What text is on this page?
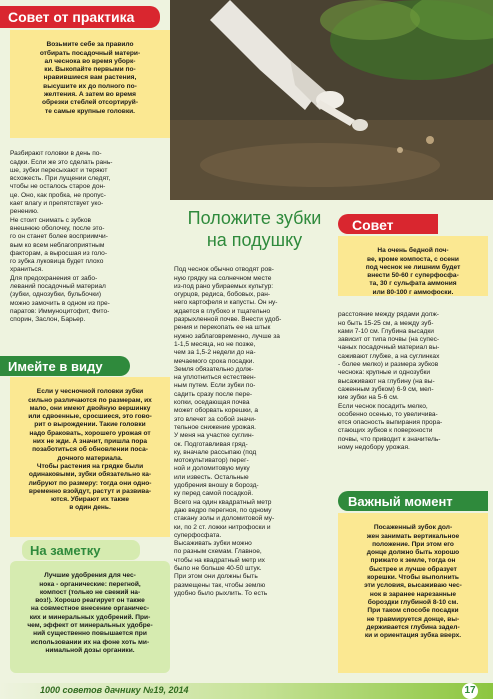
Совет от практика

Возьмите себе за правило
отбирать посадочный матери-
ал чеснока во время уборк-
ки. Выкопайте первыми по-
нравившиеся вам растения,
высушите их до полного по-
желтения. А затем во время
обрезки стеблей отсортируй-
те самые крупные головки.

Разбирают головки в день по-
садки. Если же это сделать рань-
ше, зубки пересыхают и теряют
всхожесть. При лущении следят,
чтобы не осталось старое дон-
це. Оно, как пробка, не пропус-
кает влагу и препятствует уко-
ренению.
Не стоит снимать с зубков
внешнюю оболочку, после это-
го он станет более восприимчи-
вым ко всем неблагоприятным
факторам, а выросшая из голо-
го зубка луковица будет плохо
храниться.
Для предохранения от забо-
леваний посадочный материал
(зубки, однозубки, бульбочки)
можно замочить в одном из пре-
паратов: Иммуноцитофит, Фито-
спорин, Заслон, Барьер.

Имейте в виду

Если у чесночной головки зубки
сильно различаются по размерам, их
мало, они имеют двойную вершинку
или сдвоенные, сросшиеся, это гово-
рит о вырождении. Такие головки
надо браковать, хорошего урожая от
них не жди. А значит, пришла пора
позаботиться об обновлении поса-
дочного материала.
Чтобы растения на грядке были
одинаковыми, зубки обязательно ка-
либруют по размеру: тогда они одно-
временно взойдут, растут и развива-
ются. Убирают их также
в один день.

На заметку

Лучшие удобрения для чес-
нока - органические: перегной,
компост (только не свежий на-
воз!). Хорошо реагирует он также
на совместное внесение органичес-
ких и минеральных удобрений. При-
чем, эффект от минеральных удобре-
ний существенно повышается при
использовании их на фоне хоть ми-
нимальной дозы органики.

Положите зубки
на подушку

Под чеснок обычно отводят ров-
ную грядку на солнечном месте
из-под рано убираемых культур:
огурцов, редиса, бобовых, ран-
него картофеля и капусты. Он ну-
ждается в глубоко и тщательно
разрыхленной почве. Внести удоб-
рения и перекопать ее на штык
нужно заблаговременно, лучше за
1-1,5 месяца, но не позже,
чем за 1,5-2 недели до на-
мечаемого срока посадки.
Земля обязательно долж-
на уплотниться естествен-
ным путем. Если зубки по-
садить сразу после пере-
копки, оседающая почва
может оборвать корешки, а
это влечет за собой значи-
тельное снижение урожая.
У меня на участке суглин-
ок. Подготавливая гряд-
ку, вначале рассыпаю (под
мотокультиватор) перег-
ной и доломитовую муку
или известь. Остальные
удобрения вношу в борозд-
ку перед самой посадкой.
Всего на один квадратный метр
даю ведро перегноя, по одному
стакану золы и доломитовой му-
ки, по 2 ст. ложки нитрофоски и
суперфосфата.
Высаживать зубки можно
по разным схемам. Главное,
чтобы на квадратный метр их
было не больше 40-50 штук.
При этом они должны быть
размещены так, чтобы землю
удобно было рыхлить. То есть

Совет

На очень бедной поч-
ве, кроме компоста, с осени
под чеснок не лишним будет
внести 50-60 г суперфосфа-
та, 30 г сульфата аммония
или 80-100 г аммофоски.

расстояние между рядами долж-
но быть 15-25 см, а между зуб-
ками 7-10 см. Глубина высадки
зависит от типа почвы (на супес-
чаных посадочный материал вы-
саживают глубже, а на суглинках
- более мелко) и размера зубков
чеснока: крупные и однозубки
высаживают на глубину (на вы-
саженным зубком) 6-9 см, мел-
кие зубки на 5-6 см.
Если чеснок посадить мелко,
особенно осенью, то увеличива-
ется опасность выпирания прора-
стающих зубков к поверхности
почвы, что приводит к значитель-
ному недобору урожая.

Важный момент

Посаженный зубок дол-
жен занимать вертикальное
положение. При этом его
донце должно быть хорошо
прижато к земле, тогда он
быстрее и лучше образует
корешки. Чтобы выполнить
эти условия, высаживаю чес-
нок в заранее нарезанные
бороздки глубиной 8-10 см.
При таком способе посадки
не травмируется донце, вы-
держивается глубина задел-
ки и ориентация зубка вверх.

1000 советов дачнику №19, 2014	17
